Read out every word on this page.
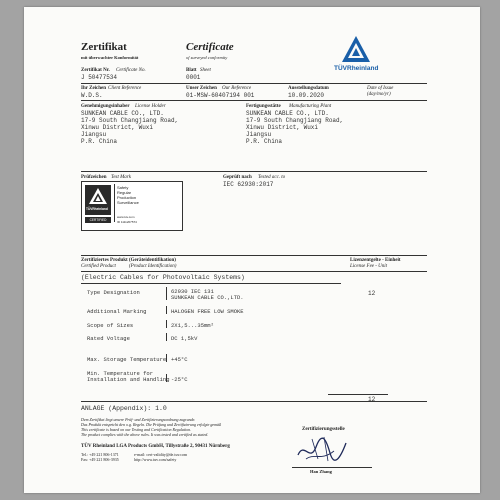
Zertifikat
mit überwachter Konformität
Certificate
of surveyed conformity
TÜVRheinland
Zertifikat Nr. Certificate No.
J 50477534
Blatt Sheet
0001
Ihr Zeichen Client Reference
W.D.S.
Unser Zeichen Our Reference
01-MSW-60407194 001
Ausstellungsdatum
10.09.2020
Date of Issue
(day/mo/yr)
Genehmigungsinhaber License Holder
SUNKEAN CABLE CO., LTD.
17-9 South Changjiang Road,
Xinwu District, Wuxi
Jiangsu
P.R. China
Fertigungsstätte Manufacturing Plant
SUNKEAN CABLE CO., LTD.
17-9 South Changjiang Road,
Xinwu District, Wuxi
Jiangsu
P.R. China
Prüfzeichen Test Mark
TÜVRheinland
CERTIFIED
Safety
Regular
Production
Surveillance
www.tuv.com
ID 1111207574
Geprüft nach Tested acc. to
IEC 62930:2017
Zertifiziertes Produkt (Geräteidentifikation)
Certified Product	(Product Identification)
Lizenzentgelte - Einheit
License Fee - Unit
(Electric Cables for Photovoltaic Systems)
12
Type Designation	62930 IEC 131
SUNKEAN CABLE CO.,LTD.
Additional Marking	HALOGEN FREE LOW SMOKE
Scope of Sizes	2X1,5...35mm²
Rated Voltage	DC 1,5kV
Max. Storage Temperature +45°C
Min. Temperature for
Installation and Handling -25°C
12
ANLAGE (Appendix): 1.0
Dem Zertifikat liegt unsere Prüf- und Zertifizierungsordnung zugrunde.
Das Produkt entspricht den o.g. Regeln. Die Prüfung und Zertifizierung erfolgte gemäß
This certificate is based on our Testing and Certification Regulation.
The product complies with the above rules. It was tested and certified as stated.
Zertifizierungsstelle
Han Zhang
TÜV Rheinland LGA Products GmbH, Tillystraße 2, 90431 Nürnberg
Tel.: +49 221 806-1371	e-mail: cert-validity@de.tuv.com
Fax: +49 221 806-3935	http://www.tuv.com/safety
